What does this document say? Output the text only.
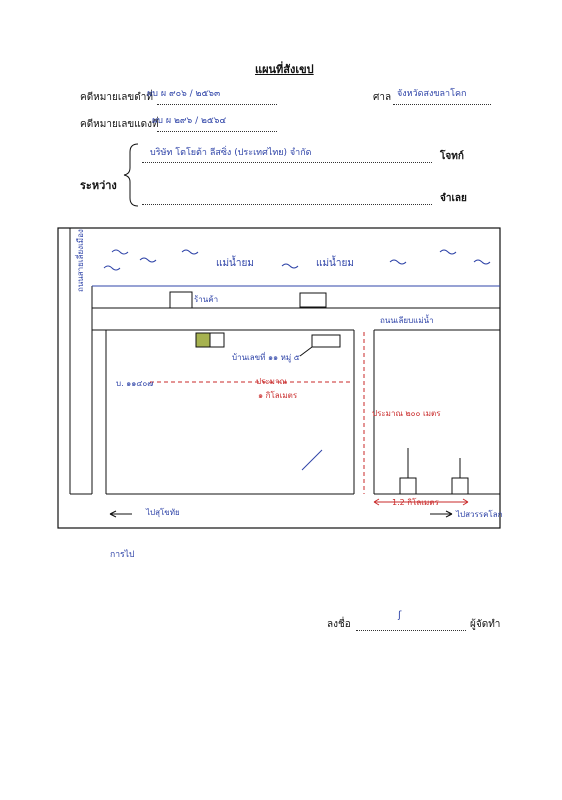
แผนที่สังเขป
คดีหมายเลขดำที่
ผบ ผ ๙๐๖ / ๒๕๖๓	ศาล จังหวัดสงขลาโคก
คดีหมายเลขแดงที่
ผบ ผ ๒๙๖ / ๒๕๖๔
ระหว่าง
บริษัท โตโยต้า ลีสซิ่ง (ประเทศไทย) จำกัด	โจทก์
จำเลย
แม่น้ำยม	แม่น้ำยม
ถนนสายเลี่ยงเมือง
ร้านค้า
ถนนเลียบแม่น้ำ
บ้านเลขที่ ๑๑ หมู่ ๕
บ. ๑๑๔๐๗	ประมาณ
๑ กิโลเมตร
ประมาณ ๒๐๐ เมตร
1.2 กิโลเมตร
ไปสุโขทัย	ไปสวรรคโลก
การไป
ลงชื่อ
ʃ
ผู้จัดทำ
